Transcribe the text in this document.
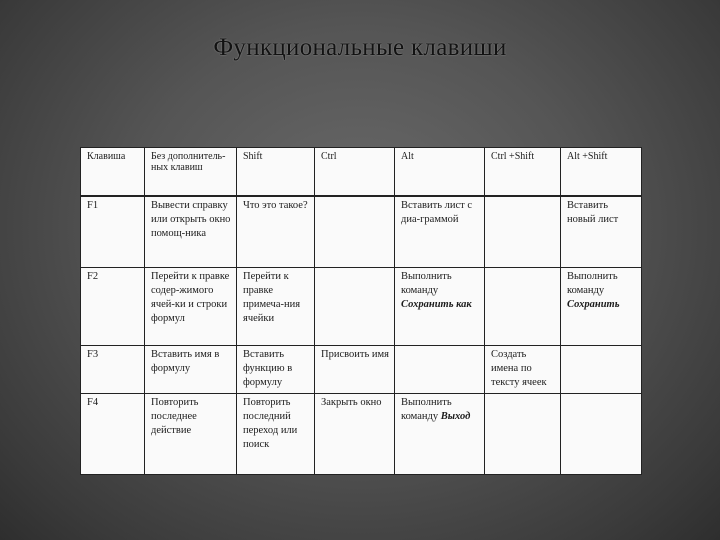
Функциональные клавиши
Клавиша	Без дополнитель-ных клавиш	Shift	Ctrl	Alt	Ctrl +Shift	Alt +Shift
F1	Вывести справку или открыть окно помощ-ника	Что это такое?		Вставить лист с диа-граммой		Вставить новый лист
F2	Перейти к правке содер-жимого ячей-ки и строки формул	Перейти к правке примеча-ния ячейки		Выполнить команду Сохранить как		Выполнить команду Сохранить
F3	Вставить имя в формулу	Вставить функцию в формулу	Присвоить имя		Создать имена по тексту ячеек	
F4	Повторить последнее действие	Повторить последний переход или поиск	Закрыть окно	Выполнить команду Выход		
